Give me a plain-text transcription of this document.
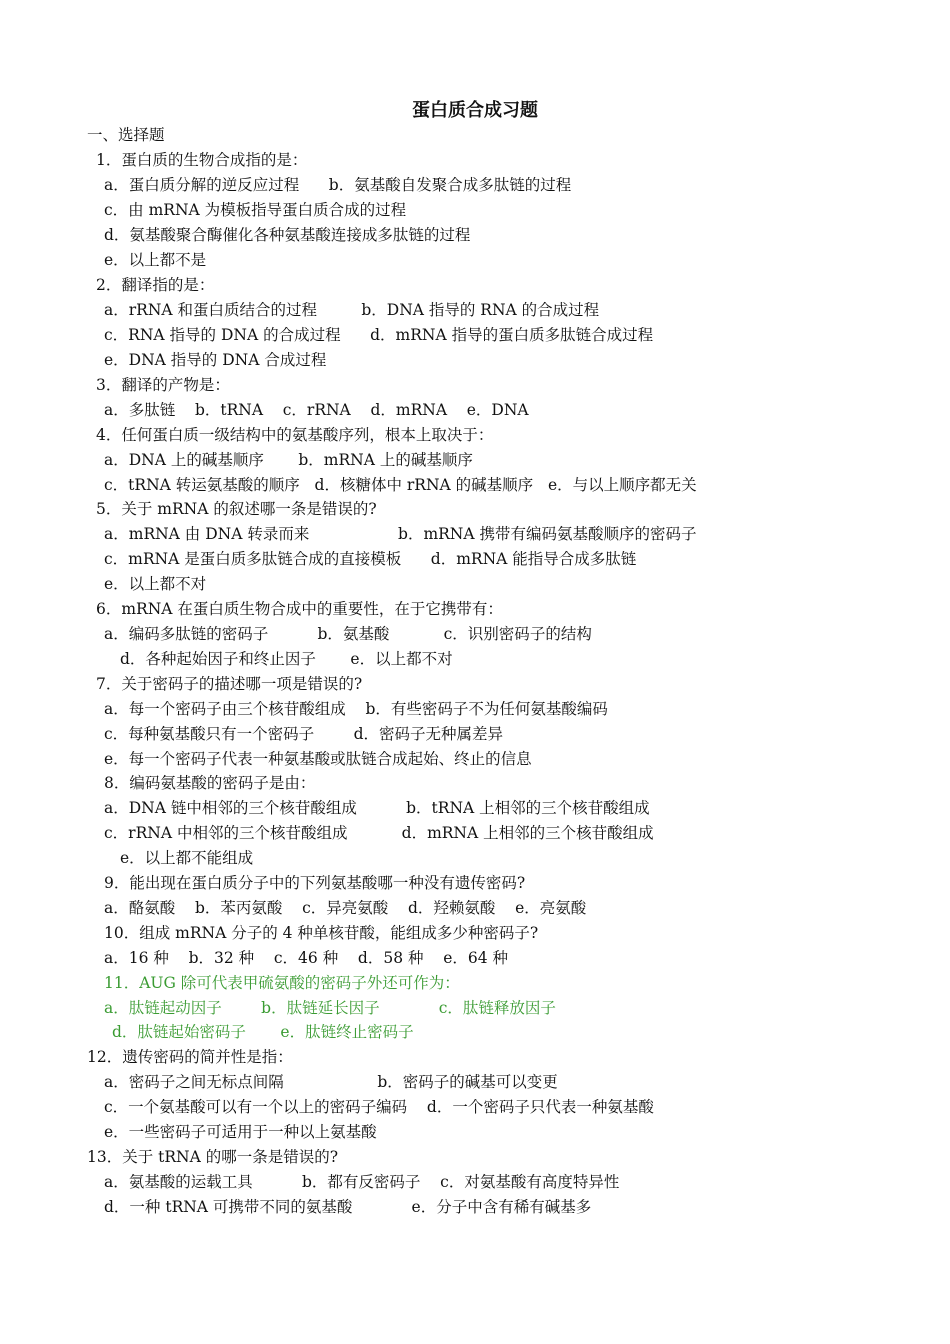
蛋白质合成习题
一、选择题
1．蛋白质的生物合成指的是：
a．蛋白质分解的逆反应过程      b．氨基酸自发聚合成多肽链的过程
c．由 mRNA 为模板指导蛋白质合成的过程
d．氨基酸聚合酶催化各种氨基酸连接成多肽链的过程
e．以上都不是
2．翻译指的是：
a．rRNA 和蛋白质结合的过程         b．DNA 指导的 RNA 的合成过程
c．RNA 指导的 DNA 的合成过程      d．mRNA 指导的蛋白质多肽链合成过程
e．DNA 指导的 DNA 合成过程
3．翻译的产物是：
a．多肽链    b．tRNA    c．rRNA    d．mRNA    e．DNA
4．任何蛋白质一级结构中的氨基酸序列，根本上取决于：
a．DNA 上的碱基顺序       b．mRNA 上的碱基顺序
c．tRNA 转运氨基酸的顺序   d．核糖体中 rRNA 的碱基顺序   e．与以上顺序都无关
5．关于 mRNA 的叙述哪一条是错误的?
a．mRNA 由 DNA 转录而来                  b．mRNA 携带有编码氨基酸顺序的密码子
c．mRNA 是蛋白质多肽链合成的直接模板      d．mRNA 能指导合成多肽链
e．以上都不对
6．mRNA 在蛋白质生物合成中的重要性，在于它携带有：
a．编码多肽链的密码子          b．氨基酸           c．识别密码子的结构
d．各种起始因子和终止因子       e．以上都不对
7．关于密码子的描述哪一项是错误的?
a．每一个密码子由三个核苷酸组成    b．有些密码子不为任何氨基酸编码
c．每种氨基酸只有一个密码子        d．密码子无种属差异
e．每一个密码子代表一种氨基酸或肽链合成起始、终止的信息
8．编码氨基酸的密码子是由：
a．DNA 链中相邻的三个核苷酸组成          b．tRNA 上相邻的三个核苷酸组成
c．rRNA 中相邻的三个核苷酸组成           d．mRNA 上相邻的三个核苷酸组成
e．以上都不能组成
9．能出现在蛋白质分子中的下列氨基酸哪一种没有遗传密码?
a．酪氨酸    b．苯丙氨酸    c．异亮氨酸    d．羟赖氨酸    e．亮氨酸
10．组成 mRNA 分子的 4 种单核苷酸，能组成多少种密码子?
a．16 种    b．32 种    c．46 种    d．58 种    e．64 种
11．AUG 除可代表甲硫氨酸的密码子外还可作为：
a．肽链起动因子        b．肽链延长因子            c．肽链释放因子
d．肽链起始密码子       e．肽链终止密码子
12．遗传密码的简并性是指：
a．密码子之间无标点间隔                   b．密码子的碱基可以变更
c．一个氨基酸可以有一个以上的密码子编码    d．一个密码子只代表一种氨基酸
e．一些密码子可适用于一种以上氨基酸
13．关于 tRNA 的哪一条是错误的?
a．氨基酸的运载工具          b．都有反密码子    c．对氨基酸有高度特异性
d．一种 tRNA 可携带不同的氨基酸            e．分子中含有稀有碱基多
